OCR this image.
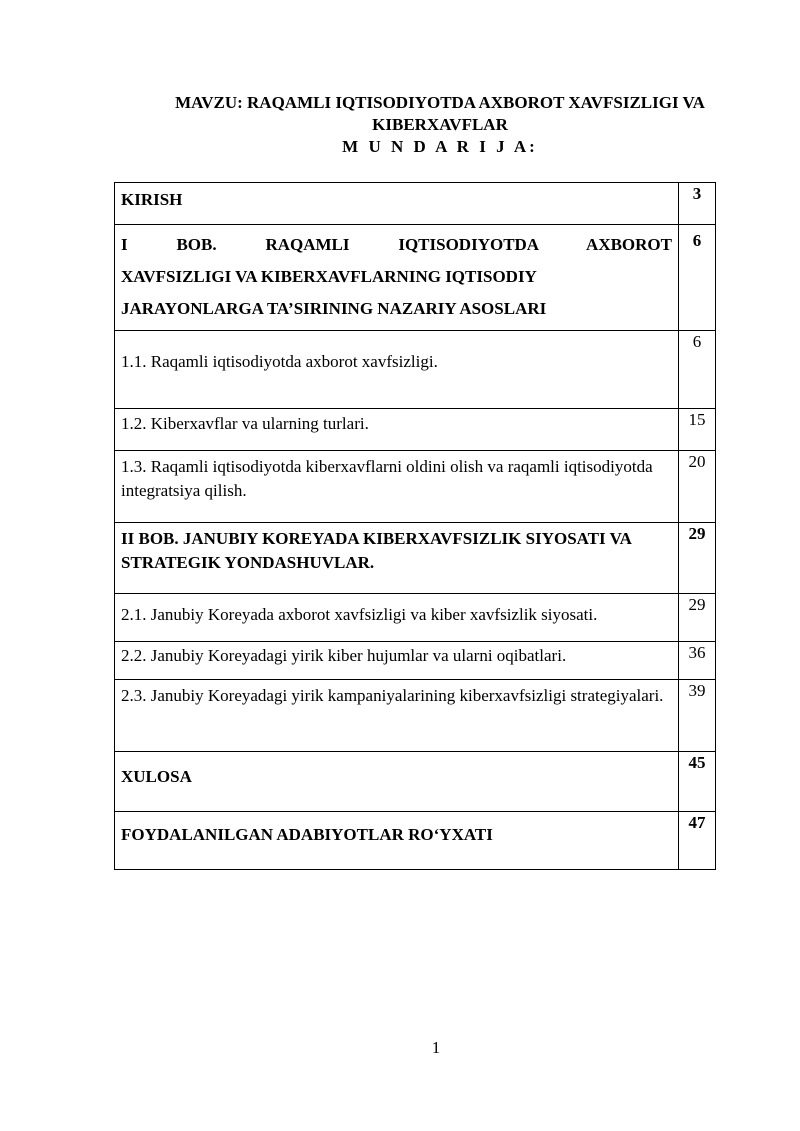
MAVZU: RAQAMLI IQTISODIYOTDA AXBOROT XAVFSIZLIGI VA
KIBERXAVFLAR
M U N D A R I J A:
KIRISH	3

I BOB. RAQAMLI IQTISODIYOTDA AXBOROT
XAVFSIZLIGI VA KIBERXAVFLARNING IQTISODIY
JARAYONLARGA TA’SIRINING NAZARIY ASOSLARI	6
1.1. Raqamli iqtisodiyotda axborot xavfsizligi.	6
1.2. Kiberxavflar va ularning turlari.	15
1.3. Raqamli iqtisodiyotda kiberxavflarni oldini olish va raqamli iqtisodiyotda integratsiya qilish.	20
II BOB. JANUBIY KOREYADA KIBERXAVFSIZLIK SIYOSATI VA STRATEGIK YONDASHUVLAR.	29
2.1. Janubiy Koreyada axborot xavfsizligi va kiber xavfsizlik siyosati.	29
2.2. Janubiy Koreyadagi yirik kiber hujumlar va ularni oqibatlari.	36
2.3. Janubiy Koreyadagi yirik kampaniyalarining kiberxavfsizligi strategiyalari.	39
XULOSA	45
FOYDALANILGAN ADABIYOTLAR RO‘YXATI	47
1
